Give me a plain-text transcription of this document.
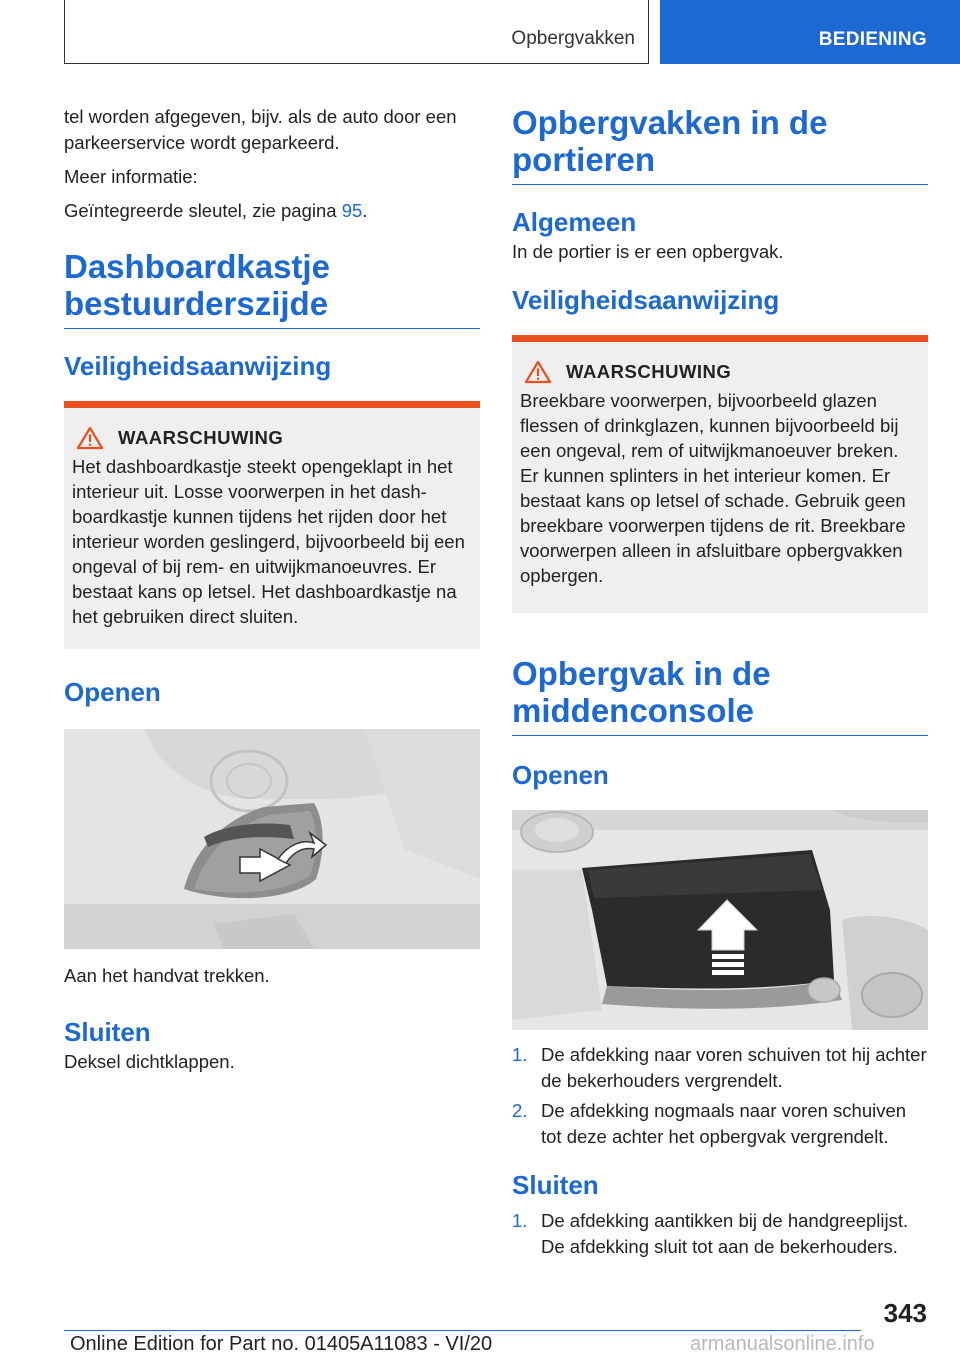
Opbergvakken	BEDIENING

tel worden afgegeven, bijv. als de auto door een parkeerservice wordt geparkeerd.

Meer informatie:

Geïntegreerde sleutel, zie pagina 95.

Dashboardkastje bestuurderszijde
Veiligheidsaanwijzing
WAARSCHUWING

Het dashboardkastje steekt opengeklapt in het interieur uit. Losse voorwerpen in het dashboardkastje kunnen tijdens het rijden door het interieur worden geslingerd, bijvoorbeeld bij een ongeval of bij rem- en uitwijkmanoeuvres. Er bestaat kans op letsel. Het dashboardkastje na het gebruiken direct sluiten.

Openen

Aan het handvat trekken.

Sluiten

Deksel dichtklappen.

Opbergvakken in de portieren
Algemeen

In de portier is er een opbergvak.

Veiligheidsaanwijzing
WAARSCHUWING

Breekbare voorwerpen, bijvoorbeeld glazen flessen of drinkglazen, kunnen bijvoorbeeld bij een ongeval, rem of uitwijkmanoeuver breken. Er kunnen splinters in het interieur komen. Er bestaat kans op letsel of schade. Gebruik geen breekbare voorwerpen tijdens de rit. Breekbare voorwerpen alleen in afsluitbare opbergvakken opbergen.

Opbergvak in de middenconsole
Openen
1. De afdekking naar voren schuiven tot hij achter de bekerhouders vergrendelt.
2. De afdekking nogmaals naar voren schuiven tot deze achter het opbergvak vergrendelt.
Sluiten
1. De afdekking aantikken bij de handgreeplijst. De afdekking sluit tot aan de bekerhouders.
343
Online Edition for Part no. 01405A11083 - VI/20	armanualsonline.info
